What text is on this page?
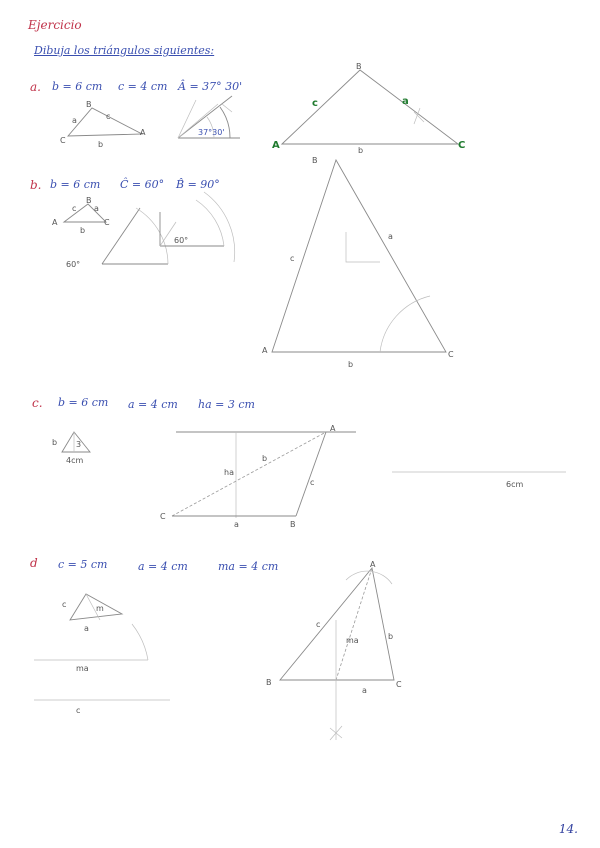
Ejercicio
Dibuja los triángulos siguientes:
a. b = 6 cm c = 4 cm Â = 37° 30'
b. b = 6 cm Ĉ = 60° B̂ = 90°
c. b = 6 cm a = 4 cm ha = 3 cm
d c = 5 cm	a = 4 cm	ma = 4 cm
B
a	c
C	b
A	37°30'
A
B
C
c	a
b
B
A	C
c a
b
60°
60°
A
B
C
c
a
b
b 3
4cm
A
C
B
b
c
a
ha
6cm
c	m
a
ma
c
A
B	C
c
b
a
ma
14.
